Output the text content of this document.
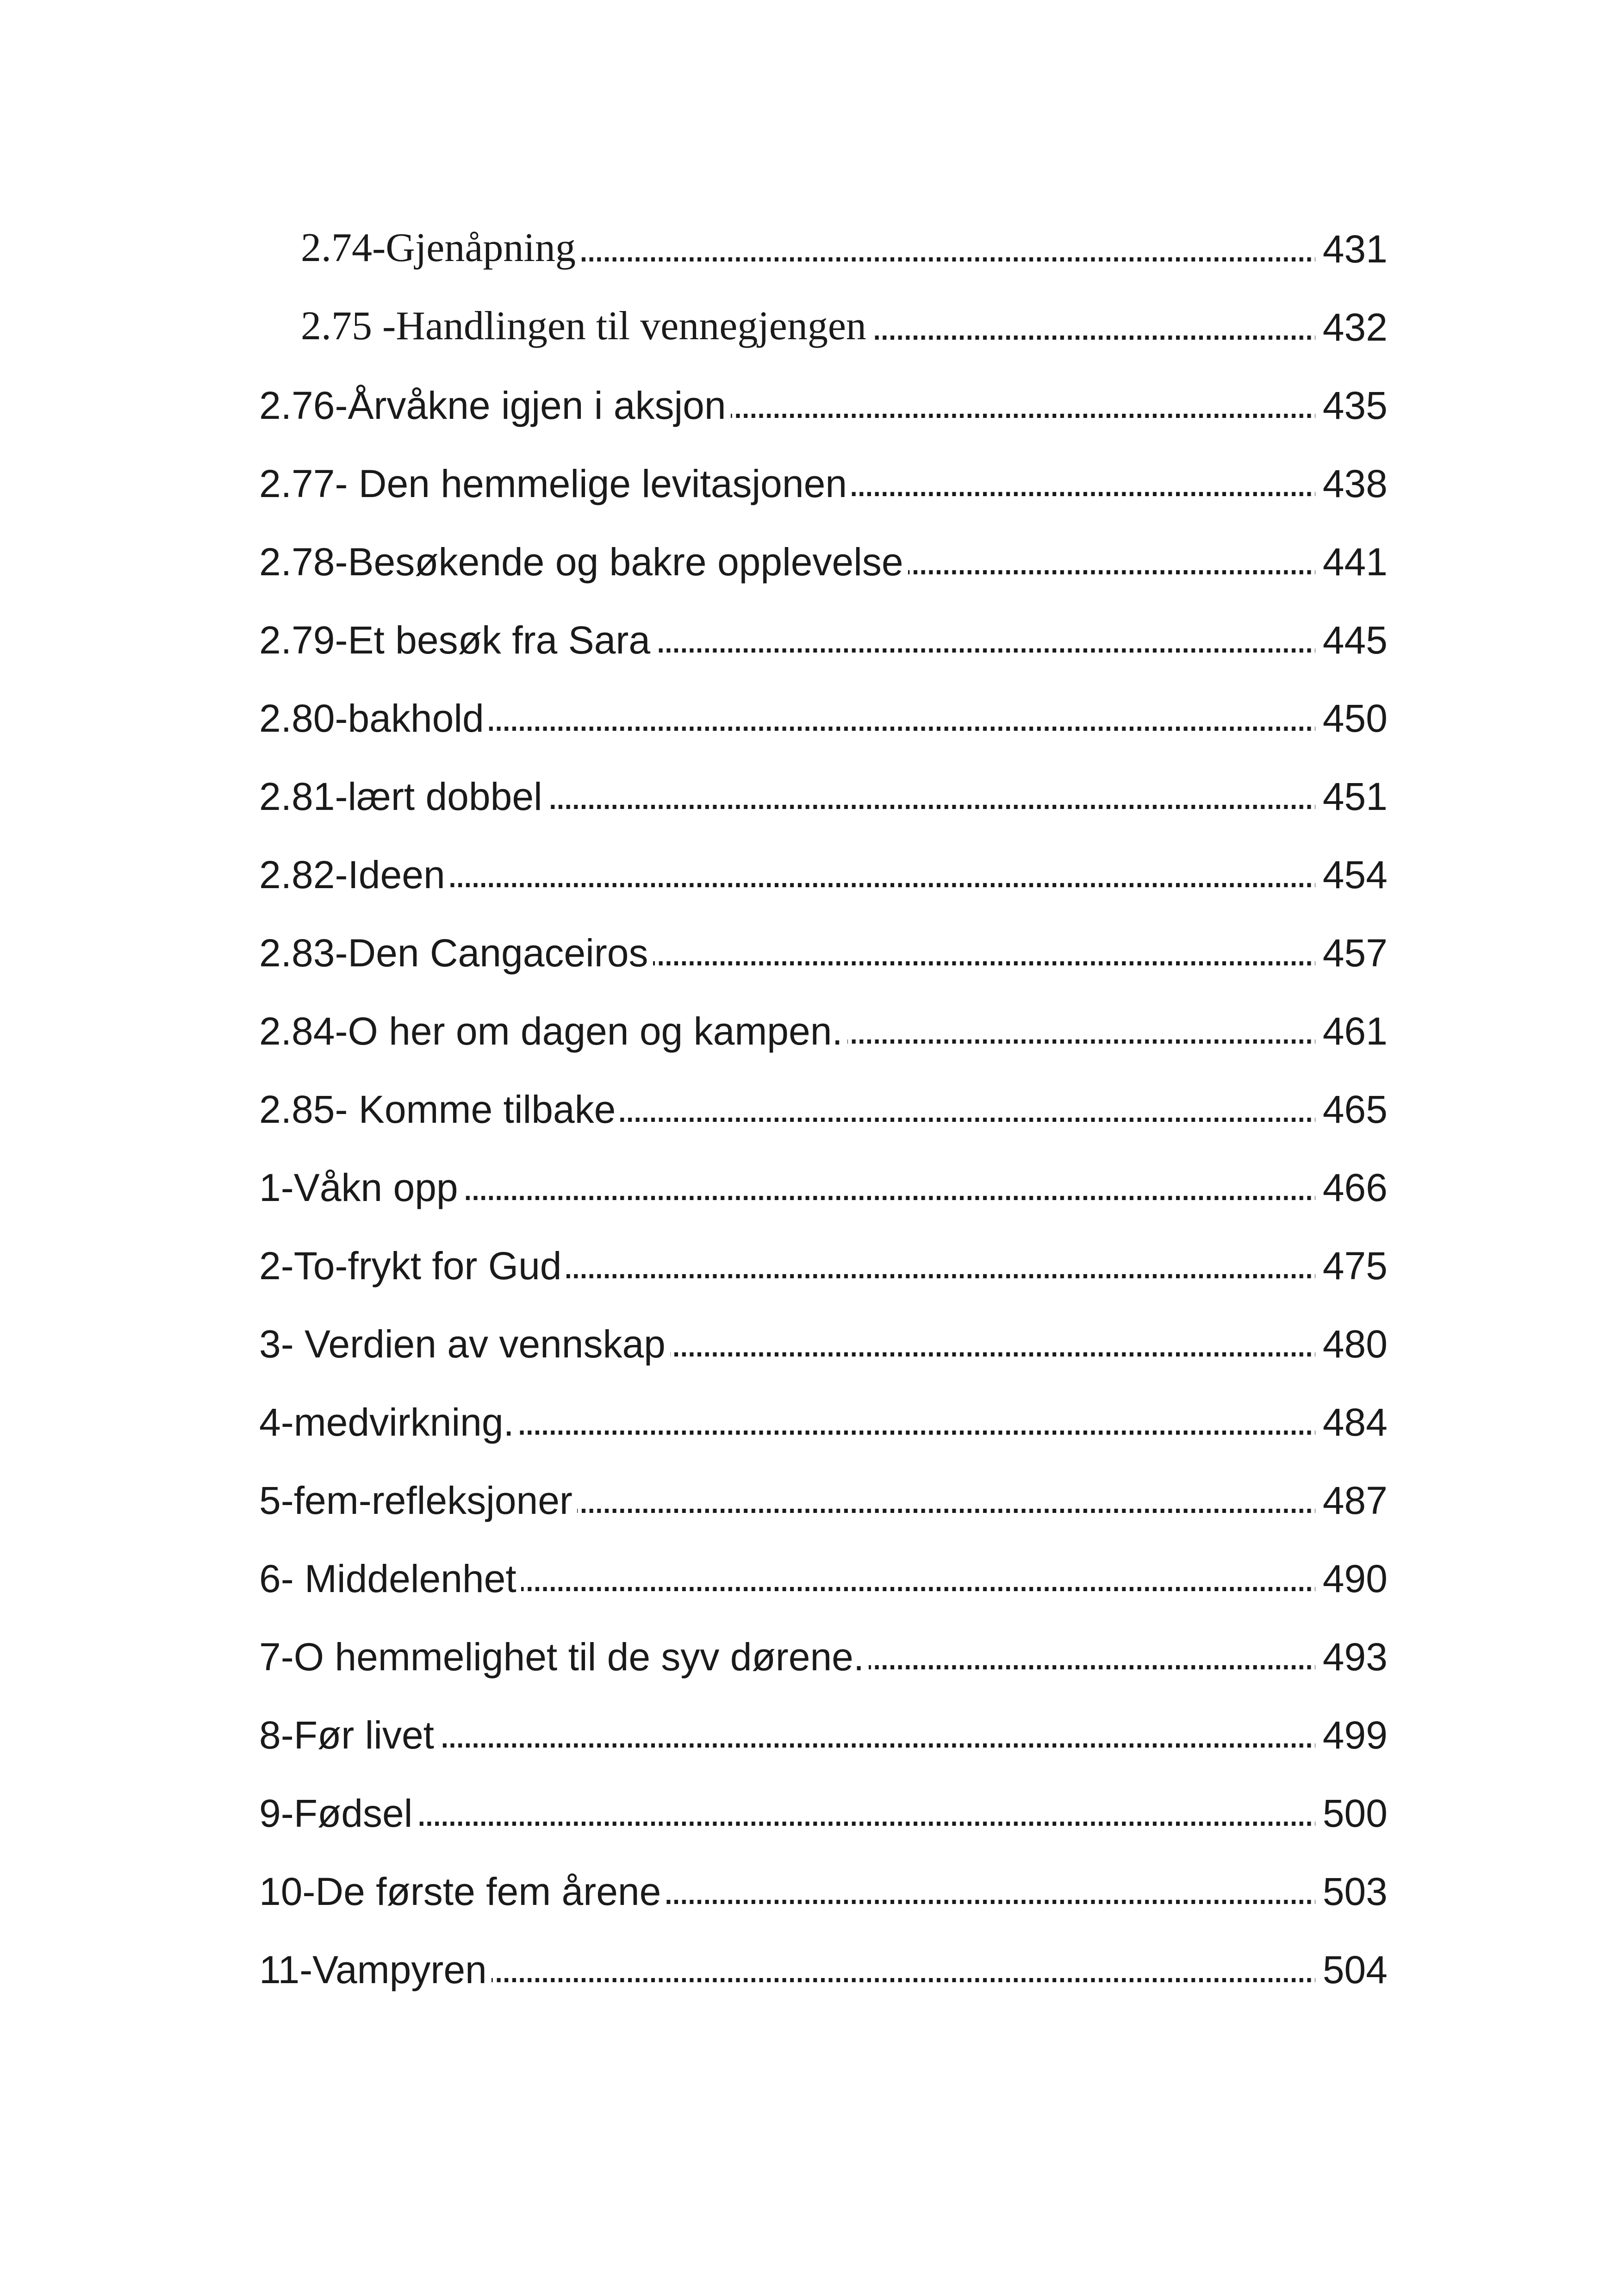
2.74-Gjenåpning . . .	431
2.75 -Handlingen til vennegjengen . . .	432
2.76-Årvåkne igjen i aksjon . . .	435
2.77- Den hemmelige levitasjonen . . .	438
2.78-Besøkende og bakre opplevelse . . .	441
2.79-Et besøk fra Sara . . .	445
2.80-bakhold . . .	450
2.81-lært dobbel . . .	451
2.82-Ideen . . .	454
2.83-Den Cangaceiros . . .	457
2.84-O her om dagen og kampen. . . .	461
2.85- Komme tilbake . . .	465
1-Våkn opp . . .	466
2-To-frykt for Gud . . .	475
3- Verdien av vennskap . . .	480
4-medvirkning. . . .	484
5-fem-refleksjoner . . .	487
6- Middelenhet . . .	490
7-O hemmelighet til de syv dørene. . . .	493
8-Før livet . . .	499
9-Fødsel . . .	500
10-De første fem årene . . .	503
11-Vampyren . . .	504
